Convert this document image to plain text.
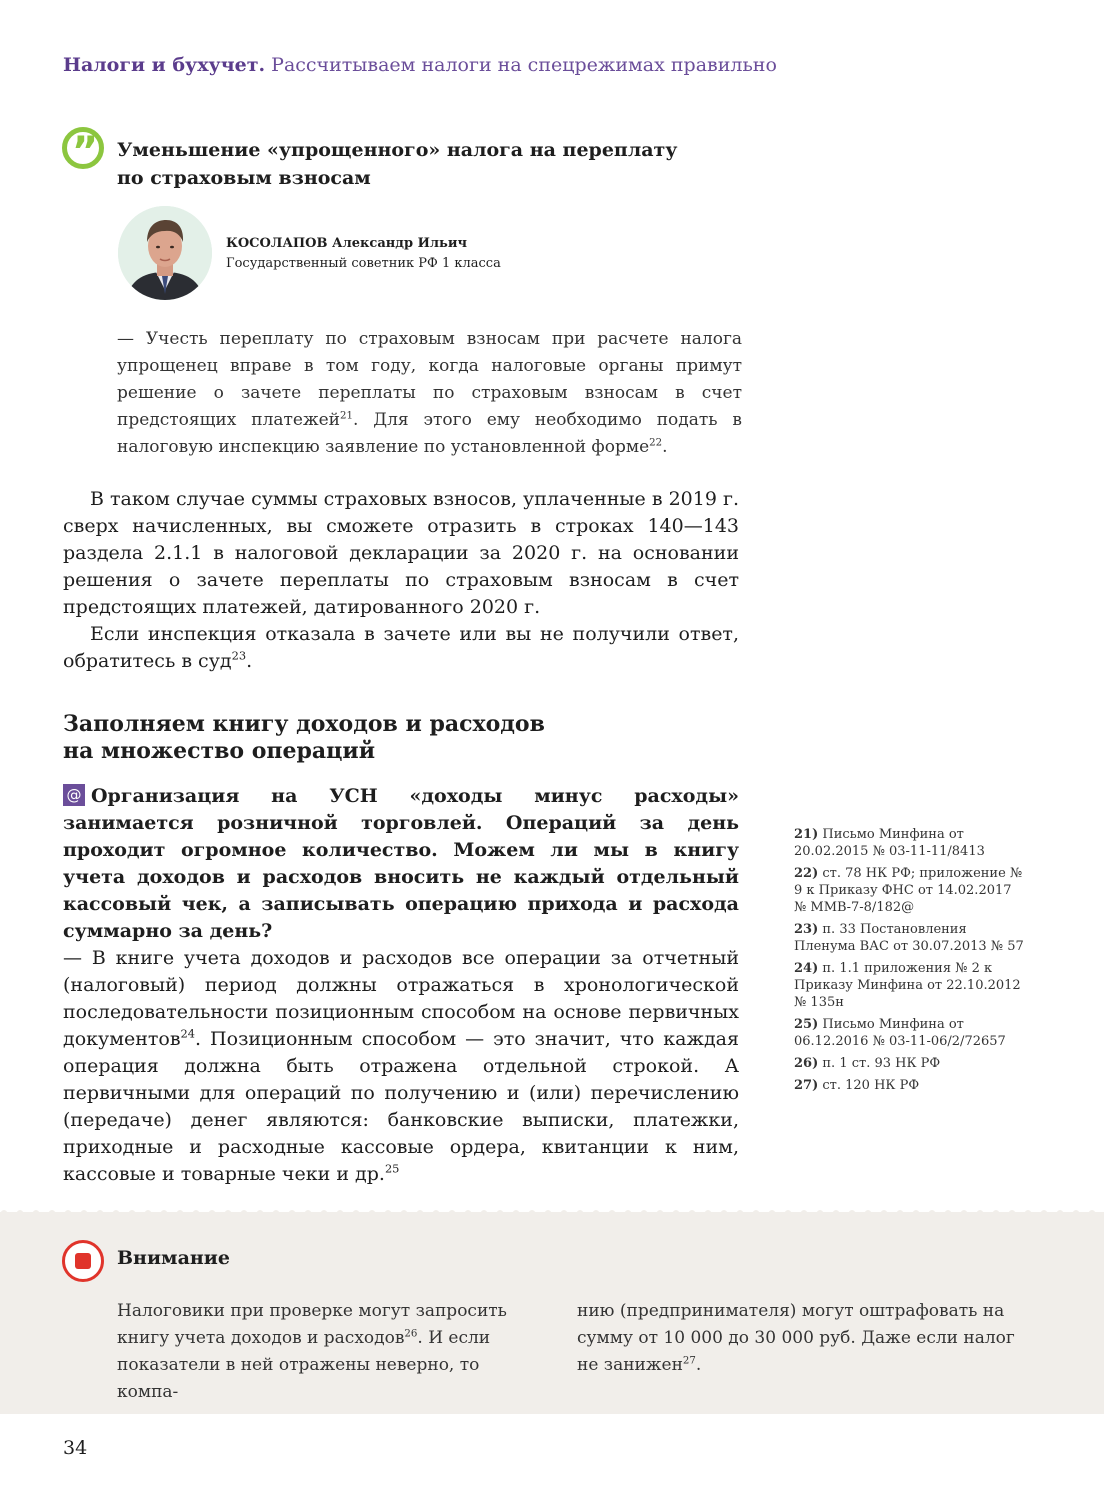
Налоги и бухучет. Рассчитываем налоги на спецрежимах правильно
” Уменьшение «упрощенного» налога на переплату
по страховым взносам
КОСОЛАПОВ Александр Ильич
Государственный советник РФ 1 класса

— Учесть переплату по страховым взносам при расчете налога упрощенец вправе в том году, когда налоговые органы примут решение о зачете переплаты по страховым взносам в счет предстоящих платежей$^{21}$. Для этого ему необходимо подать в налоговую инспекцию заявление по установленной форме$^{22}$.

В таком случае суммы страховых взносов, уплаченные в 2019 г. сверх начисленных, вы сможете отразить в строках 140—143 раздела 2.1.1 в налоговой декларации за 2020 г. на основании решения о зачете переплаты по страховым взносам в счет предстоящих платежей, датированного 2020 г.

Если инспекция отказала в зачете или вы не получили ответ, обратитесь в суд$^{23}$.

Заполняем книгу доходов и расходов
на множество операций

@ Организация на УСН «доходы минус расходы» занимается розничной торговлей. Операций за день проходит огромное количество. Можем ли мы в книгу учета доходов и расходов вносить не каждый отдельный кассовый чек, а записывать операцию прихода и расхода суммарно за день?

— В книге учета доходов и расходов все операции за отчетный (налоговый) период должны отражаться в хронологической последовательности позиционным способом на основе первичных документов$^{24}$. Позиционным способом — это значит, что каждая операция должна быть отражена отдельной строкой. А первичными для операций по получению и (или) перечислению (передаче) денег являются: банковские выписки, платежки, приходные и расходные кассовые ордера, квитанции к ним, кассовые и товарные чеки и др.$^{25}$

21) Письмо Минфина от 20.02.2015 № 03-11-11/8413
22) ст. 78 НК РФ; приложение № 9 к Приказу ФНС от 14.02.2017 № ММВ-7-8/182@
23) п. 33 Постановления Пленума ВАС от 30.07.2013 № 57
24) п. 1.1 приложения № 2 к Приказу Минфина от 22.10.2012 № 135н
25) Письмо Минфина от 06.12.2016 № 03-11-06/2/72657
26) п. 1 ст. 93 НК РФ
27) ст. 120 НК РФ
Внимание
Налоговики при проверке могут запросить книгу учета доходов и расходов$^{26}$. И если показатели в ней отражены неверно, то компа-
нию (предпринимателя) могут оштрафовать на сумму от 10 000 до 30 000 руб. Даже если налог не занижен$^{27}$.
34
